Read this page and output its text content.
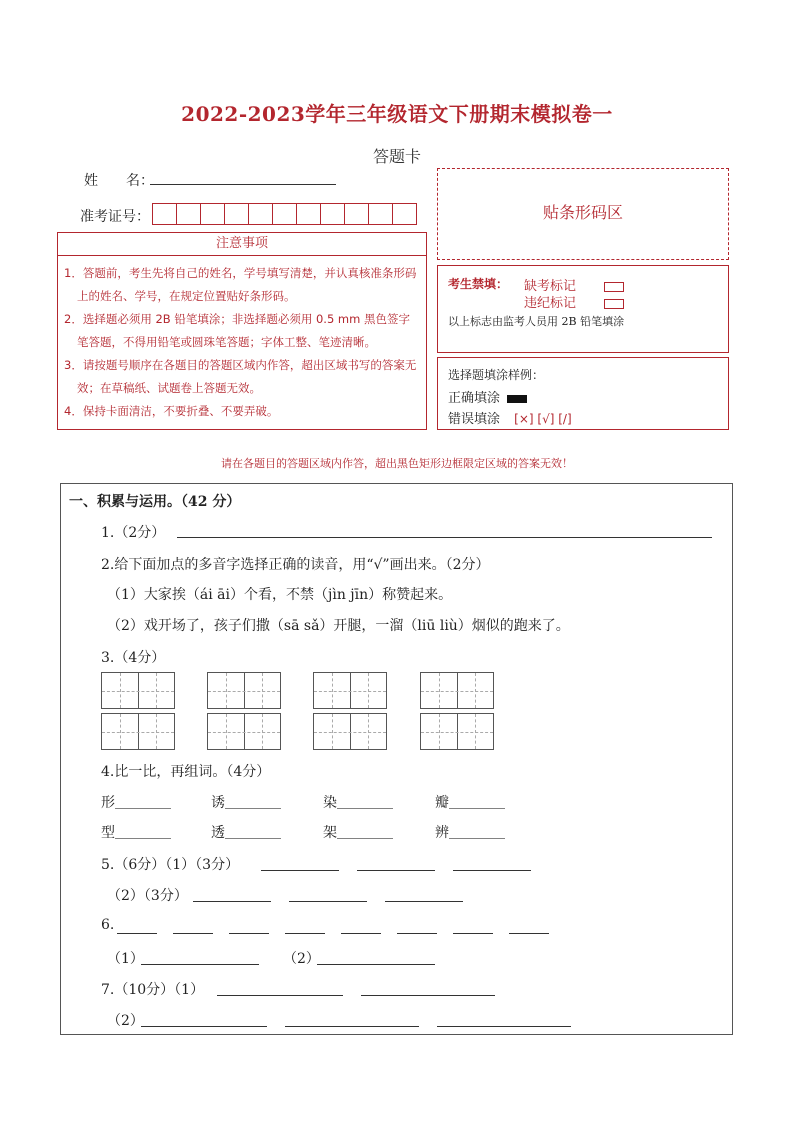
2022-2023学年三年级语文下册期末模拟卷一
答题卡
姓　　名：
准考证号：
注意事项
1．答题前，考生先将自己的姓名，学号填写清楚，并认真核准条形码上的姓名、学号，在规定位置贴好条形码。
2．选择题必须用 2B 铅笔填涂；非选择题必须用 0.5 mm 黑色签字笔答题，不得用铅笔或圆珠笔答题；字体工整、笔迹清晰。
3．请按题号顺序在各题目的答题区域内作答，超出区域书写的答案无效；在草稿纸、试题卷上答题无效。
4．保持卡面清洁，不要折叠、不要弄破。
贴条形码区
考生禁填： 缺考标记
违纪标记
以上标志由监考人员用 2B 铅笔填涂
选择题填涂样例：
正确填涂
错误填涂 [×] [√] [/]
请在各题目的答题区域内作答，超出黑色矩形边框限定区域的答案无效！
一、积累与运用。（42 分）
1.（2分）
2.给下面加点的多音字选择正确的读音，用“√”画出来。（2分）
（1）大家挨（ái āi）个看，不禁（jìn jīn）称赞起来。
（2）戏开场了，孩子们撒（sā sǎ）开腿，一溜（liū liù）烟似的跑来了。
3.（4分）
4.比一比，再组词。（4分）
形＿＿＿＿	诱＿＿＿＿	染＿＿＿＿	瓣＿＿＿＿
型＿＿＿＿	透＿＿＿＿	架＿＿＿＿	辨＿＿＿＿
5.（6分）（1）（3分）
（2）（3分）
6.
（1）	（2）
7.（10分）（1）
（2）
